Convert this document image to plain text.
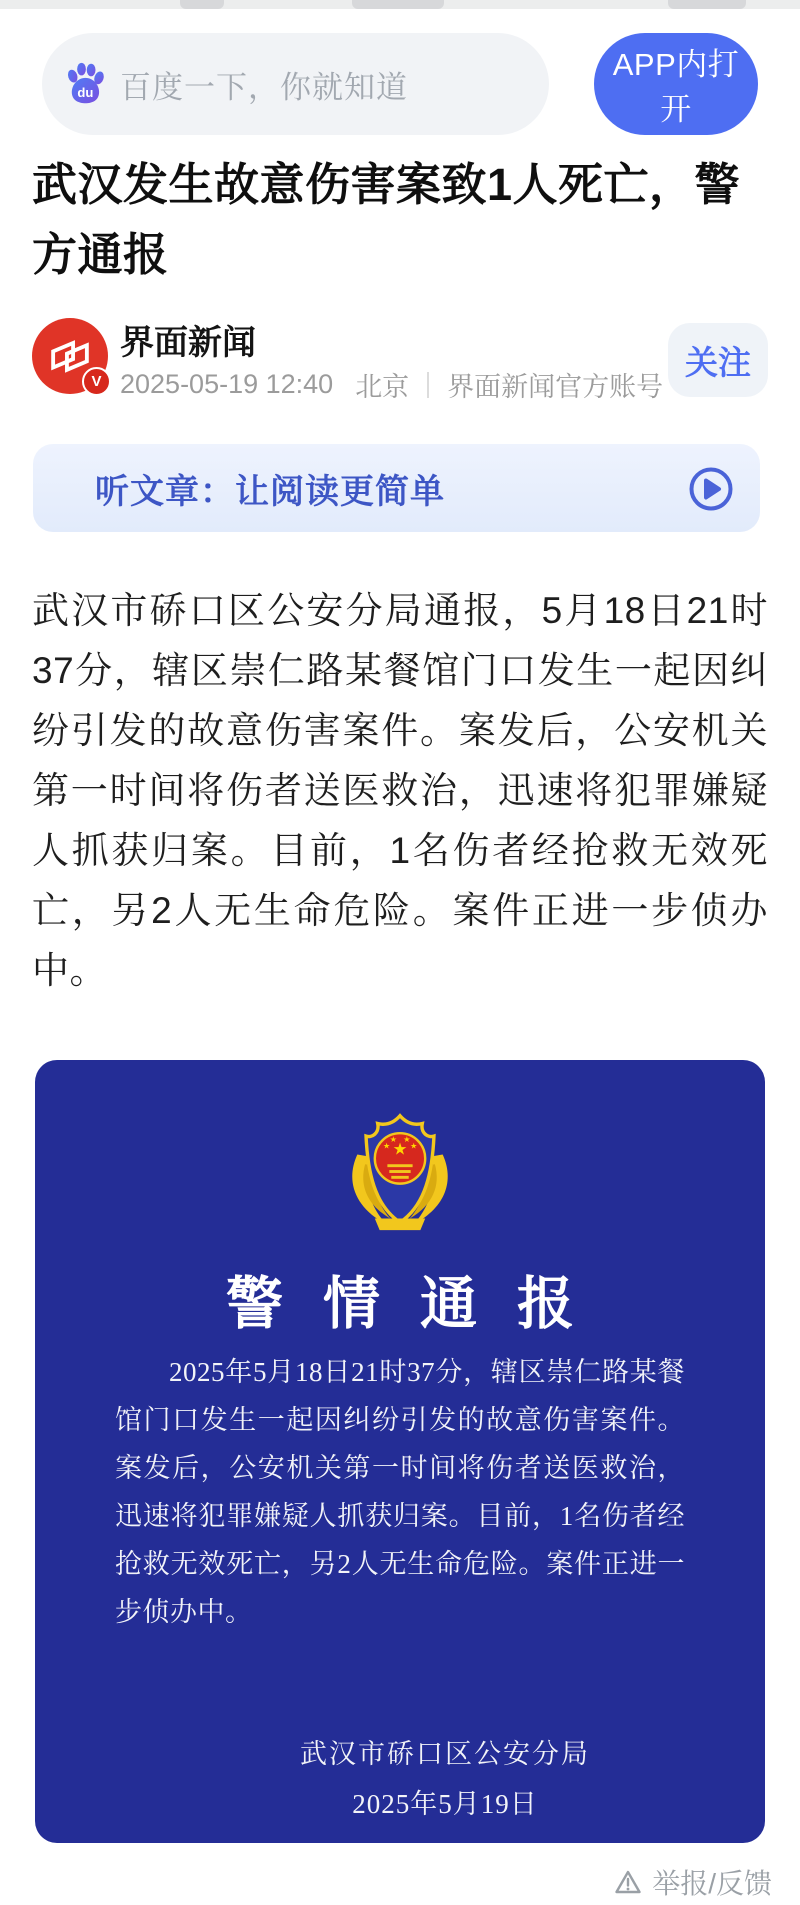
du 百度一下，你就知道
APP内打开
武汉发生故意伤害案致1人死亡，警方通报
V
界面新闻
2025-05-19 12:40 北京 界面新闻官方账号
关注
听文章：让阅读更简单

武汉市硚口区公安分局通报，5月18日21时37分，辖区崇仁路某餐馆门口发生一起因纠纷引发的故意伤害案件。案发后，公安机关第一时间将伤者送医救治，迅速将犯罪嫌疑人抓获归案。目前，1名伤者经抢救无效死亡，另2人无生命危险。案件正进一步侦办中。

★
★
★ ★
★
警情通报

2025年5月18日21时37分，辖区崇仁路某餐馆门口发生一起因纠纷引发的故意伤害案件。案发后，公安机关第一时间将伤者送医救治，迅速将犯罪嫌疑人抓获归案。目前，1名伤者经抢救无效死亡，另2人无生命危险。案件正进一步侦办中。

武汉市硚口区公安分局
2025年5月19日
举报/反馈
